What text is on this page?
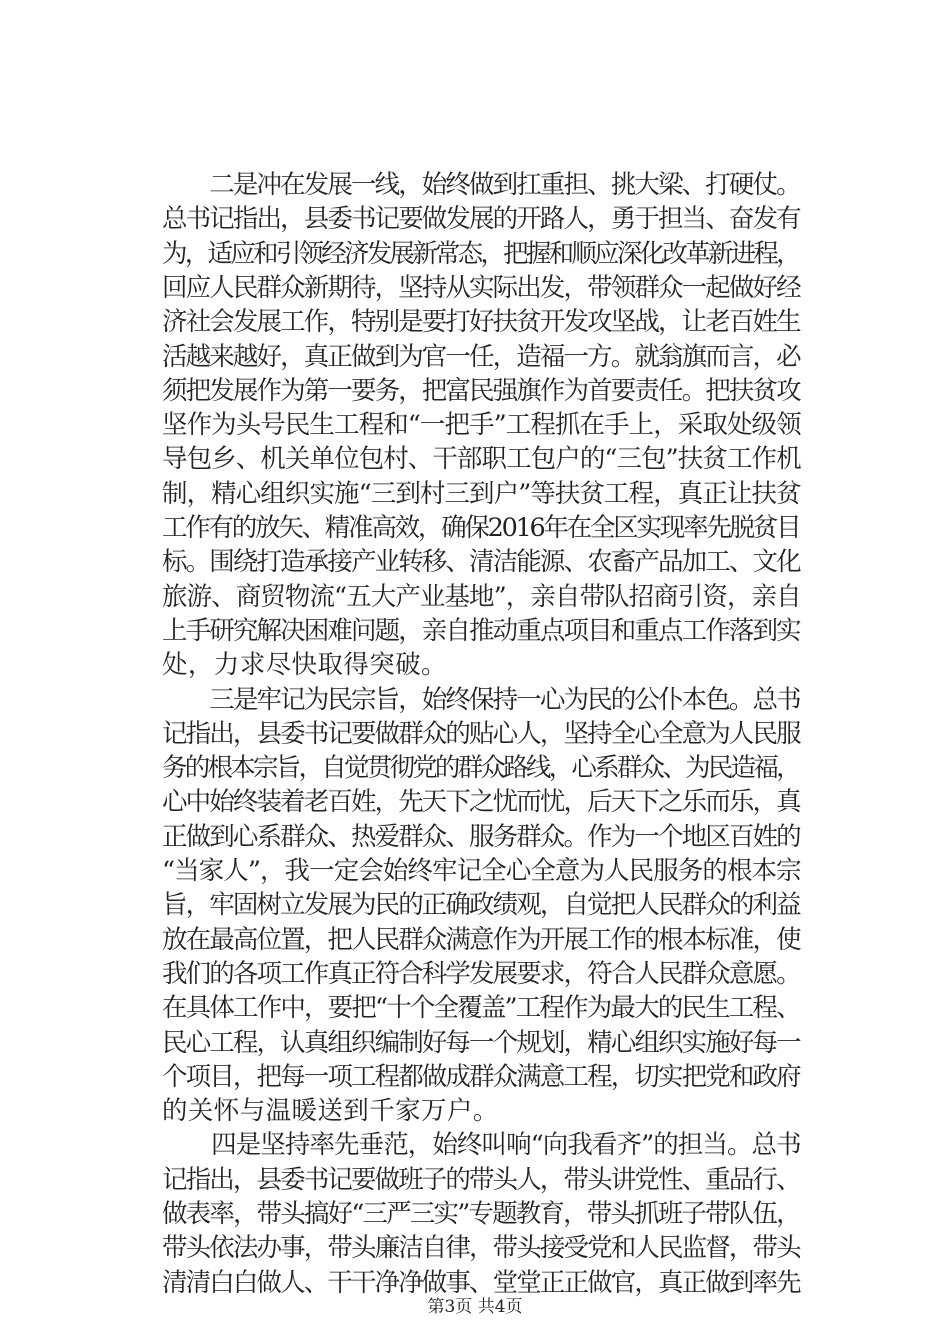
　　二是冲在发展一线，始终做到扛重担、挑大梁、打硬仗。
总书记指出，县委书记要做发展的开路人，勇于担当、奋发有
为，适应和引领经济发展新常态，把握和顺应深化改革新进程，
回应人民群众新期待，坚持从实际出发，带领群众一起做好经
济社会发展工作，特别是要打好扶贫开发攻坚战，让老百姓生
活越来越好，真正做到为官一任，造福一方。就翁旗而言，必
须把发展作为第一要务，把富民强旗作为首要责任。把扶贫攻
坚作为头号民生工程和“一把手”工程抓在手上，采取处级领
导包乡、机关单位包村、干部职工包户的“三包”扶贫工作机
制，精心组织实施“三到村三到户”等扶贫工程，真正让扶贫
工作有的放矢、精准高效，确保2016年在全区实现率先脱贫目
标。围绕打造承接产业转移、清洁能源、农畜产品加工、文化
旅游、商贸物流“五大产业基地”，亲自带队招商引资，亲自
上手研究解决困难问题，亲自推动重点项目和重点工作落到实
处，力求尽快取得突破。
　　三是牢记为民宗旨，始终保持一心为民的公仆本色。总书
记指出，县委书记要做群众的贴心人，坚持全心全意为人民服
务的根本宗旨，自觉贯彻党的群众路线，心系群众、为民造福，
心中始终装着老百姓，先天下之忧而忧，后天下之乐而乐，真
正做到心系群众、热爱群众、服务群众。作为一个地区百姓的
“当家人”，我一定会始终牢记全心全意为人民服务的根本宗
旨，牢固树立发展为民的正确政绩观，自觉把人民群众的利益
放在最高位置，把人民群众满意作为开展工作的根本标准，使
我们的各项工作真正符合科学发展要求，符合人民群众意愿。
在具体工作中，要把“十个全覆盖”工程作为最大的民生工程、
民心工程，认真组织编制好每一个规划，精心组织实施好每一
个项目，把每一项工程都做成群众满意工程，切实把党和政府
的关怀与温暖送到千家万户。
　　四是坚持率先垂范，始终叫响“向我看齐”的担当。总书
记指出，县委书记要做班子的带头人，带头讲党性、重品行、
做表率，带头搞好“三严三实”专题教育，带头抓班子带队伍，
带头依法办事，带头廉洁自律，带头接受党和人民监督，带头
清清白白做人、干干净净做事、堂堂正正做官，真正做到率先
第3页 共4页
